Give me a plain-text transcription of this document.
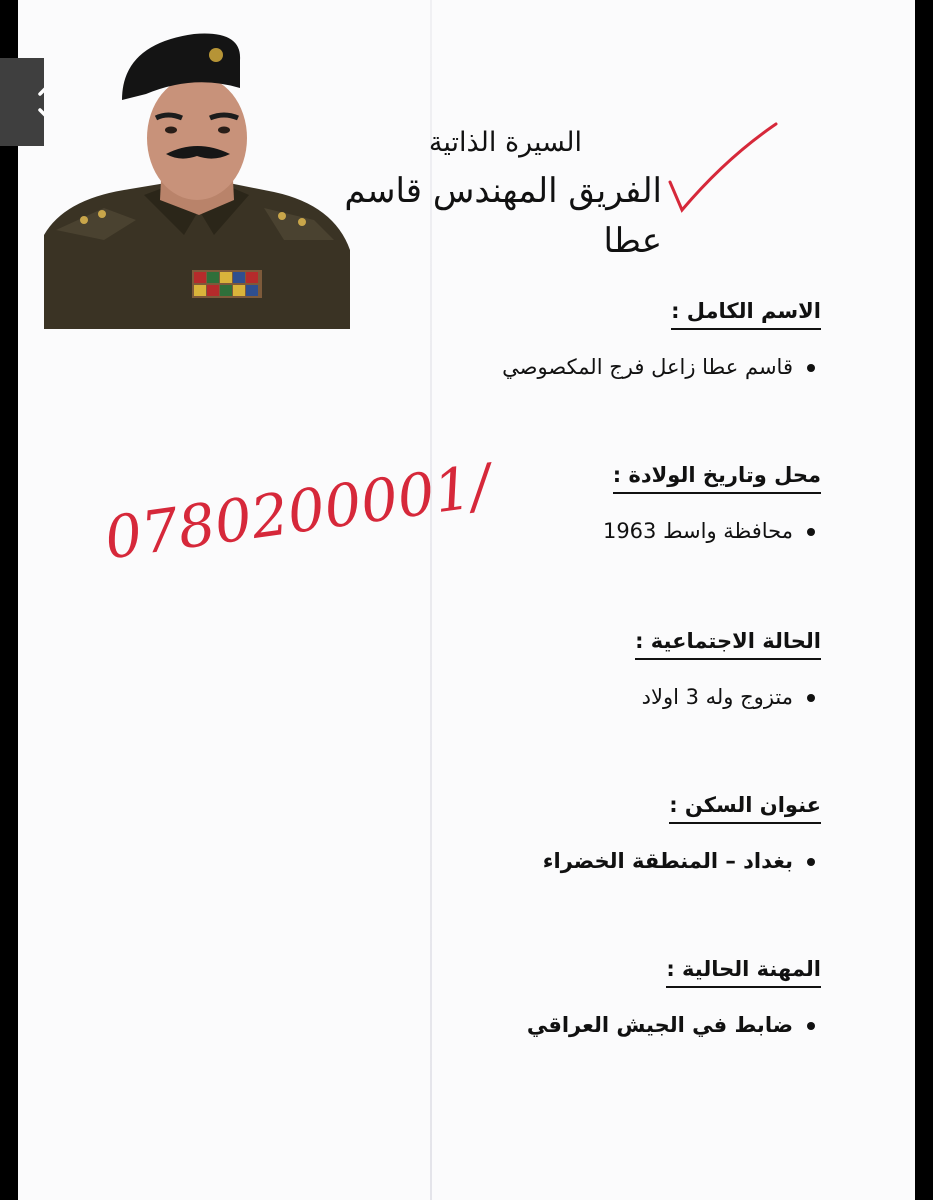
السيرة الذاتية
الفريق المهندس قاسم عطا
0780200001/
الاسم الكامل :
قاسم عطا زاعل فرج المكصوصي
محل وتاريخ الولادة :
محافظة واسط 1963
الحالة الاجتماعية :
متزوج وله 3 اولاد
عنوان السكن :
بغداد – المنطقة الخضراء
المهنة الحالية :
ضابط في الجيش العراقي
